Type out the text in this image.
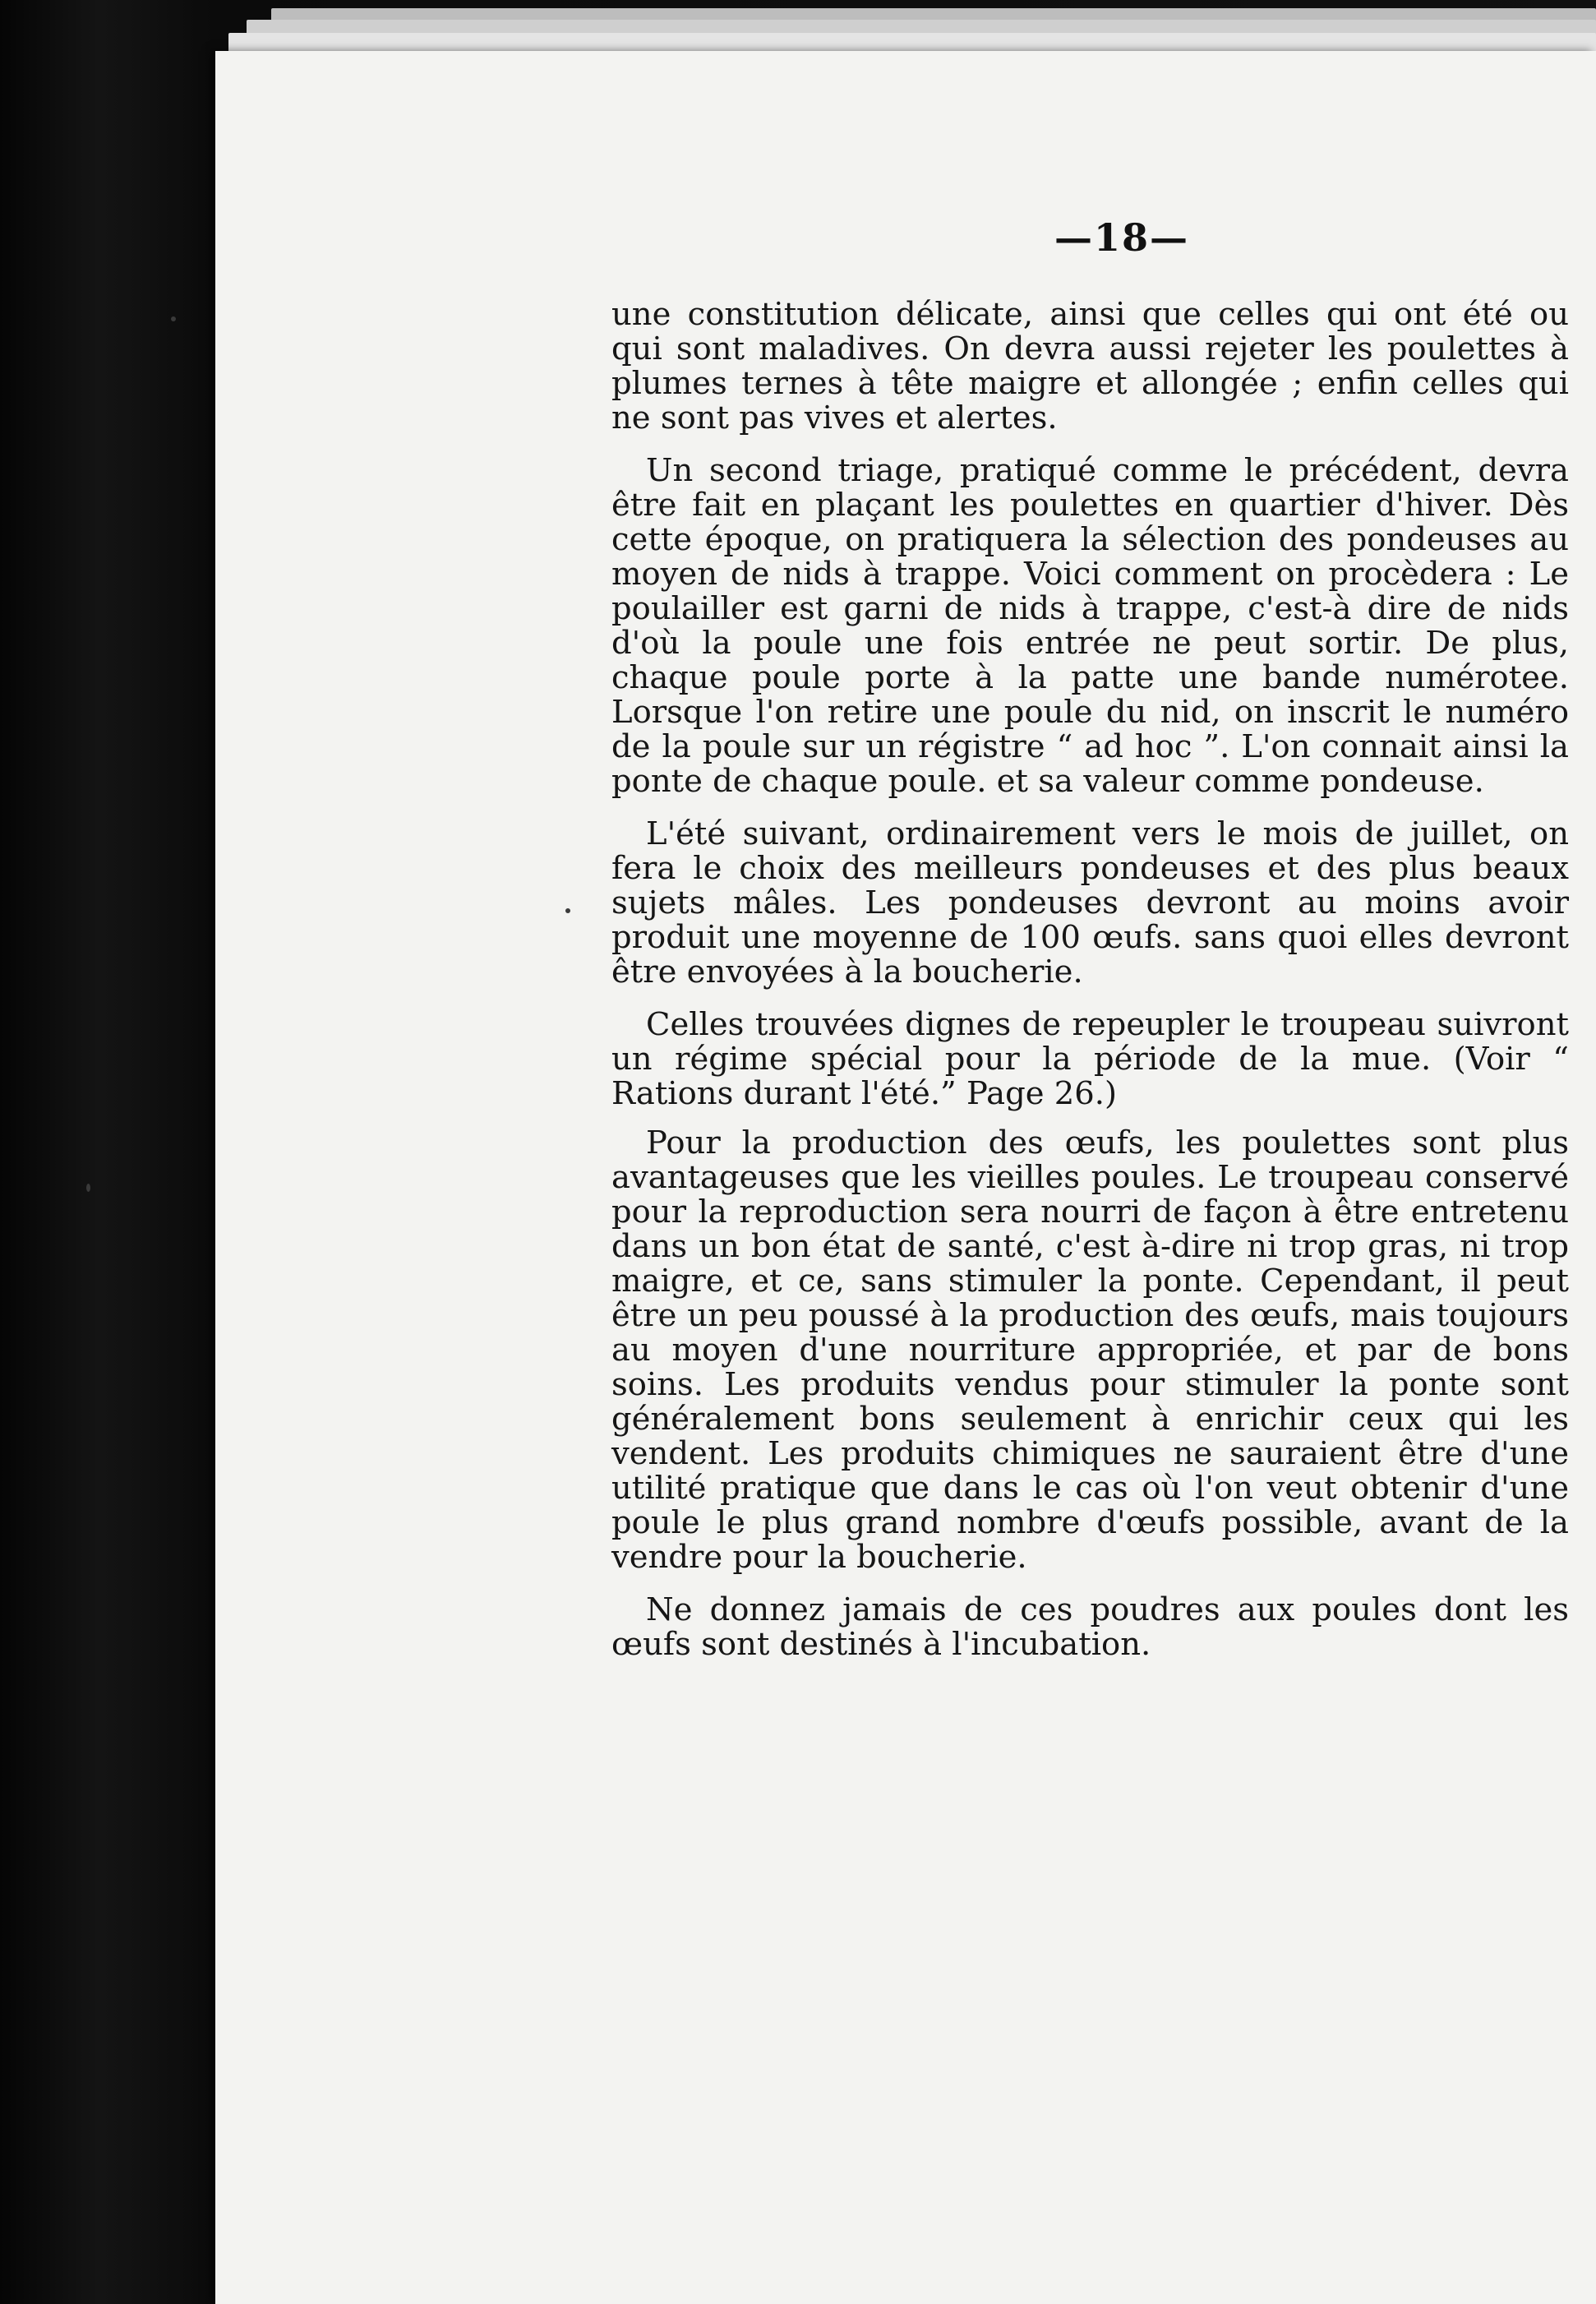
—18—

une constitution délicate, ainsi que celles qui ont été ou qui sont maladives. On devra aussi rejeter les poulettes à plumes ternes à tête maigre et allongée ; enfin celles qui ne sont pas vives et alertes.

Un second triage, pratiqué comme le précédent, devra être fait en plaçant les poulettes en quartier d'hiver. Dès cette époque, on pratiquera la sélection des pondeuses au moyen de nids à trappe. Voici comment on procèdera : Le poulailler est garni de nids à trappe, c'est-à dire de nids d'où la poule une fois entrée ne peut sortir. De plus, chaque poule porte à la patte une bande numérotee. Lorsque l'on retire une poule du nid, on inscrit le numéro de la poule sur un régistre “ ad hoc ”. L'on connait ainsi la ponte de chaque poule. et sa valeur comme pondeuse.

L'été suivant, ordinairement vers le mois de juillet, on fera le choix des meilleurs pondeuses et des plus beaux sujets mâles. Les pondeuses devront au moins avoir produit une moyenne de 100 œufs. sans quoi elles devront être envoyées à la boucherie.

Celles trouvées dignes de repeupler le troupeau suivront un régime spécial pour la période de la mue. (Voir “ Rations durant l'été.” Page 26.)

Pour la production des œufs, les poulettes sont plus avantageuses que les vieilles poules. Le troupeau conservé pour la reproduction sera nourri de façon à être entretenu dans un bon état de santé, c'est à-dire ni trop gras, ni trop maigre, et ce, sans stimuler la ponte. Cependant, il peut être un peu poussé à la production des œufs, mais toujours au moyen d'une nourriture appropriée, et par de bons soins. Les produits vendus pour stimuler la ponte sont généralement bons seulement à enrichir ceux qui les vendent. Les produits chimiques ne sauraient être d'une utilité pratique que dans le cas où l'on veut obtenir d'une poule le plus grand nombre d'œufs possible, avant de la vendre pour la boucherie.

Ne donnez jamais de ces poudres aux poules dont les œufs sont destinés à l'incubation.
